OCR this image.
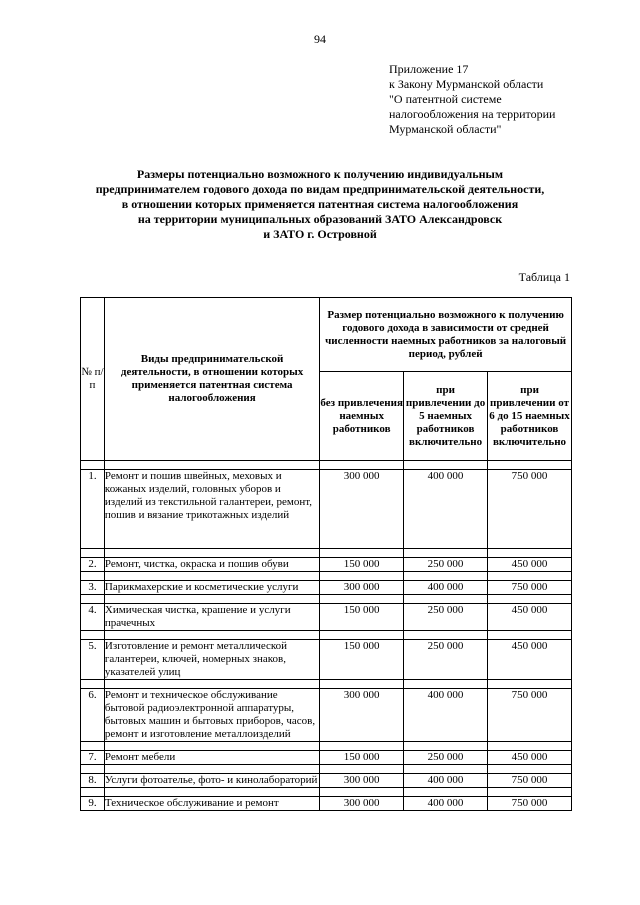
94
Приложение 17
к Закону Мурманской области
"О патентной системе
налогообложения на территории
Мурманской области"
Размеры потенциально возможного к получению индивидуальным
предпринимателем годового дохода по видам предпринимательской деятельности,
в отношении которых применяется патентная система налогообложения
на территории муниципальных образований ЗАТО Александровск
и ЗАТО г. Островной
Таблица 1
№ п/п	Виды предпринимательской деятельности, в отношении которых применяется патентная система налогообложения	Размер потенциально возможного к получению годового дохода в зависимости от средней численности наемных работников за налоговый период, рублей		
		без привлечения наемных работников	при привлечении до 5 наемных работников включительно	при привлечении от 6 до 15 наемных работников включительно

1.	Ремонт и пошив швейных, меховых и кожаных изделий, головных уборов и изделий из текстильной галантереи, ремонт, пошив и вязание трикотажных изделий	300 000	400 000	750 000

2.	Ремонт, чистка, окраска и пошив обуви	150 000	250 000	450 000

3.	Парикмахерские и косметические услуги	300 000	400 000	750 000

4.	Химическая чистка, крашение и услуги прачечных	150 000	250 000	450 000

5.	Изготовление и ремонт металлической галантереи, ключей, номерных знаков, указателей улиц	150 000	250 000	450 000

6.	Ремонт и техническое обслуживание бытовой радиоэлектронной аппаратуры, бытовых машин и бытовых приборов, часов, ремонт и изготовление металлоизделий	300 000	400 000	750 000

7.	Ремонт мебели	150 000	250 000	450 000

8.	Услуги фотоателье, фото- и кинолабораторий	300 000	400 000	750 000

9.	Техническое обслуживание и ремонт	300 000	400 000	750 000
